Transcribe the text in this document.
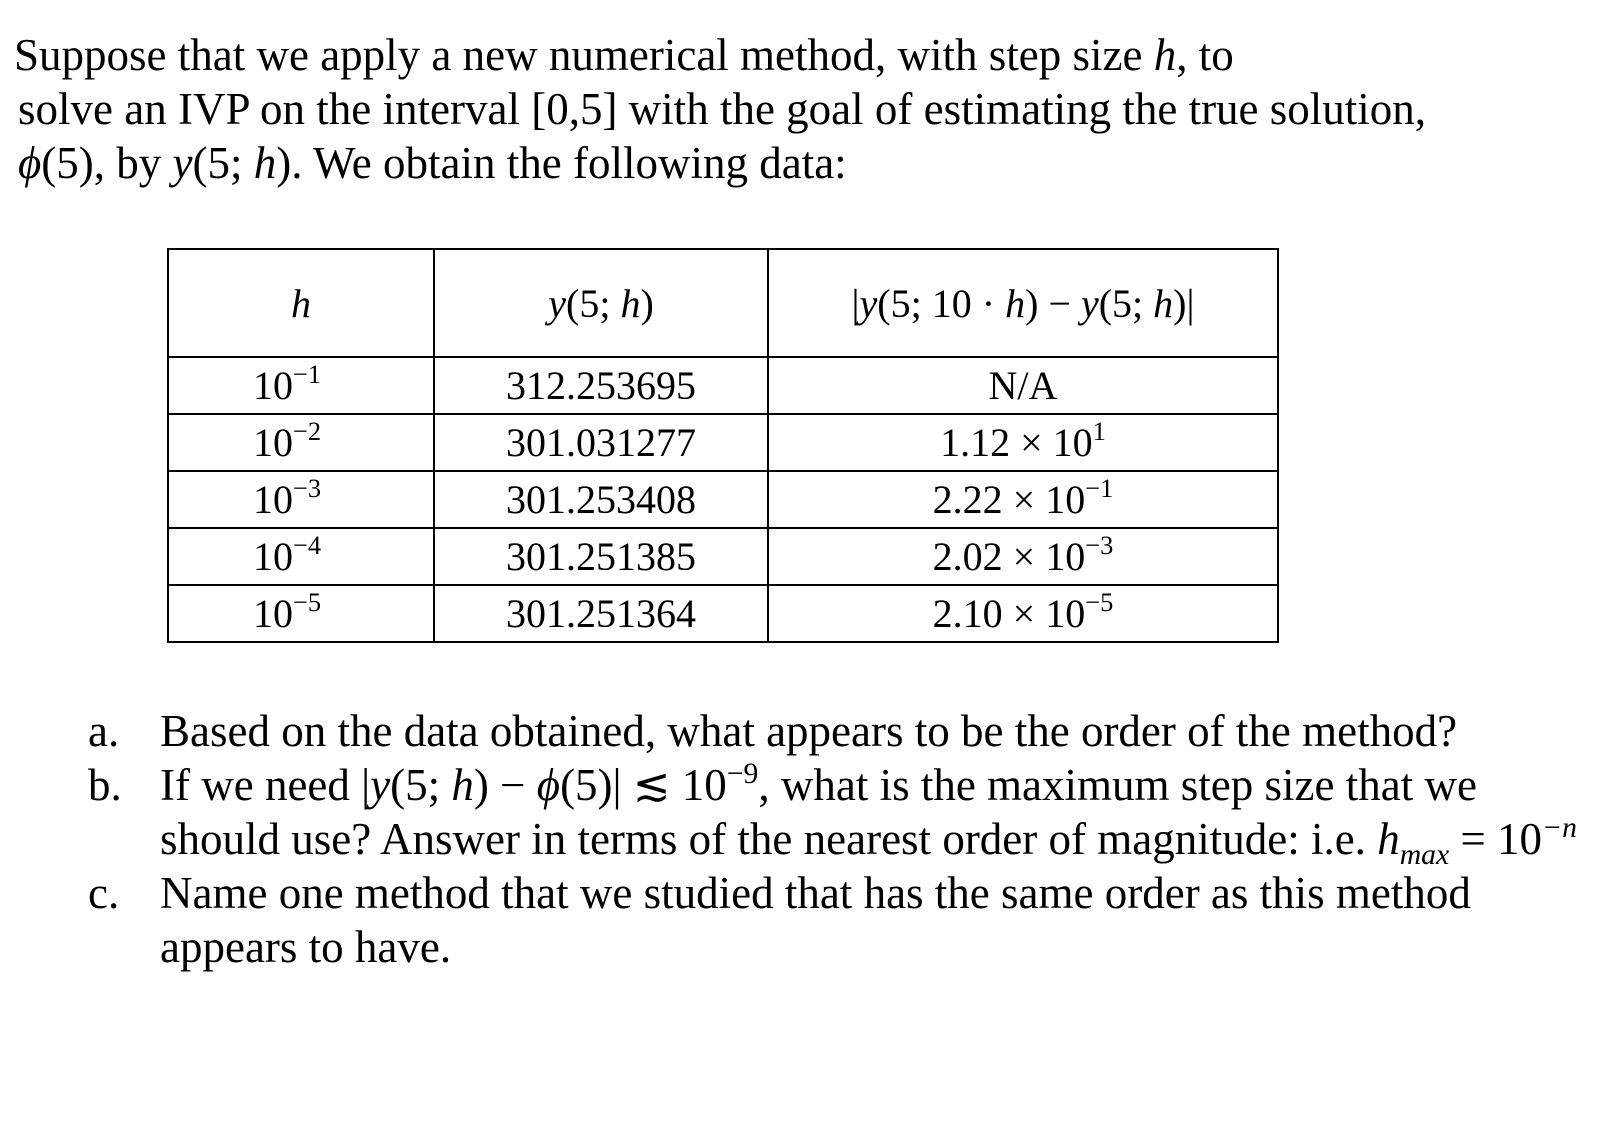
Suppose that we apply a new numerical method, with step size h, to
solve an IVP on the interval [0,5] with the goal of estimating the true solution,
ϕ(5), by y(5; h). We obtain the following data:

h	y(5; h)	|y(5; 10 · h) − y(5; h)|
$10^{-1}$	312.253695	N/A
$10^{-2}$	301.031277	$1.12 \times 10^1$
$10^{-3}$	301.253408	$2.22 \times 10^{-1}$
$10^{-4}$	301.251385	$2.02 \times 10^{-3}$
$10^{-5}$	301.251364	$2.10 \times 10^{-5}$
a. Based on the data obtained, what appears to be the order of the method?
b. If we need |y(5; h) − ϕ(5)| ≲ $10^{-9}$, what is the maximum step size that we should use? Answer in terms of the nearest order of magnitude: i.e. $h_{max} = 10^{-n}$
c. Name one method that we studied that has the same order as this method appears to have.
